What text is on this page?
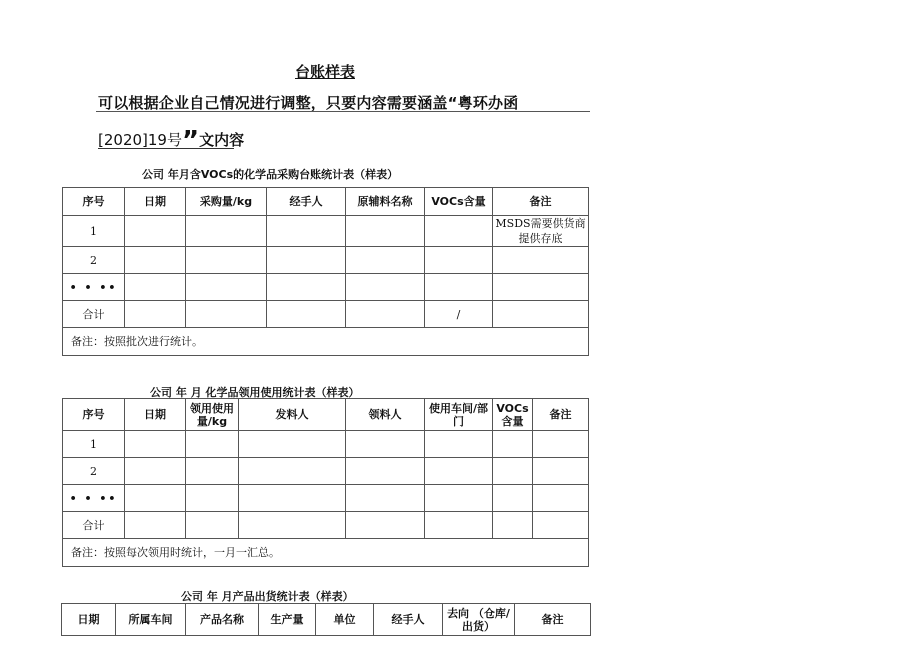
台账样表
可以根据企业自己情况进行调整，只要内容需要涵盖“粤环办函
[2020]19号”文内容
公司 年月含VOCs的化学品采购台账统计表（样表）
序号	日期	采购量/kg	经手人	原辅料名称	VOCs含量	备注
1						MSDS需要供货商提供存底
2						
• • ••						
合计					/	
备注：按照批次进行统计。						
公司 年 月 化学品领用使用统计表（样表）
序号	日期	领用使用量/kg	发料人	领料人	使用车间/部门	VOCs含量	备注
1							
2							
• • ••							
合计							
备注：按照每次领用时统计，一月一汇总。							
公司 年 月产品出货统计表（样表）
日期	所属车间	产品名称	生产量	单位	经手人	去向 （仓库/出货）	备注
